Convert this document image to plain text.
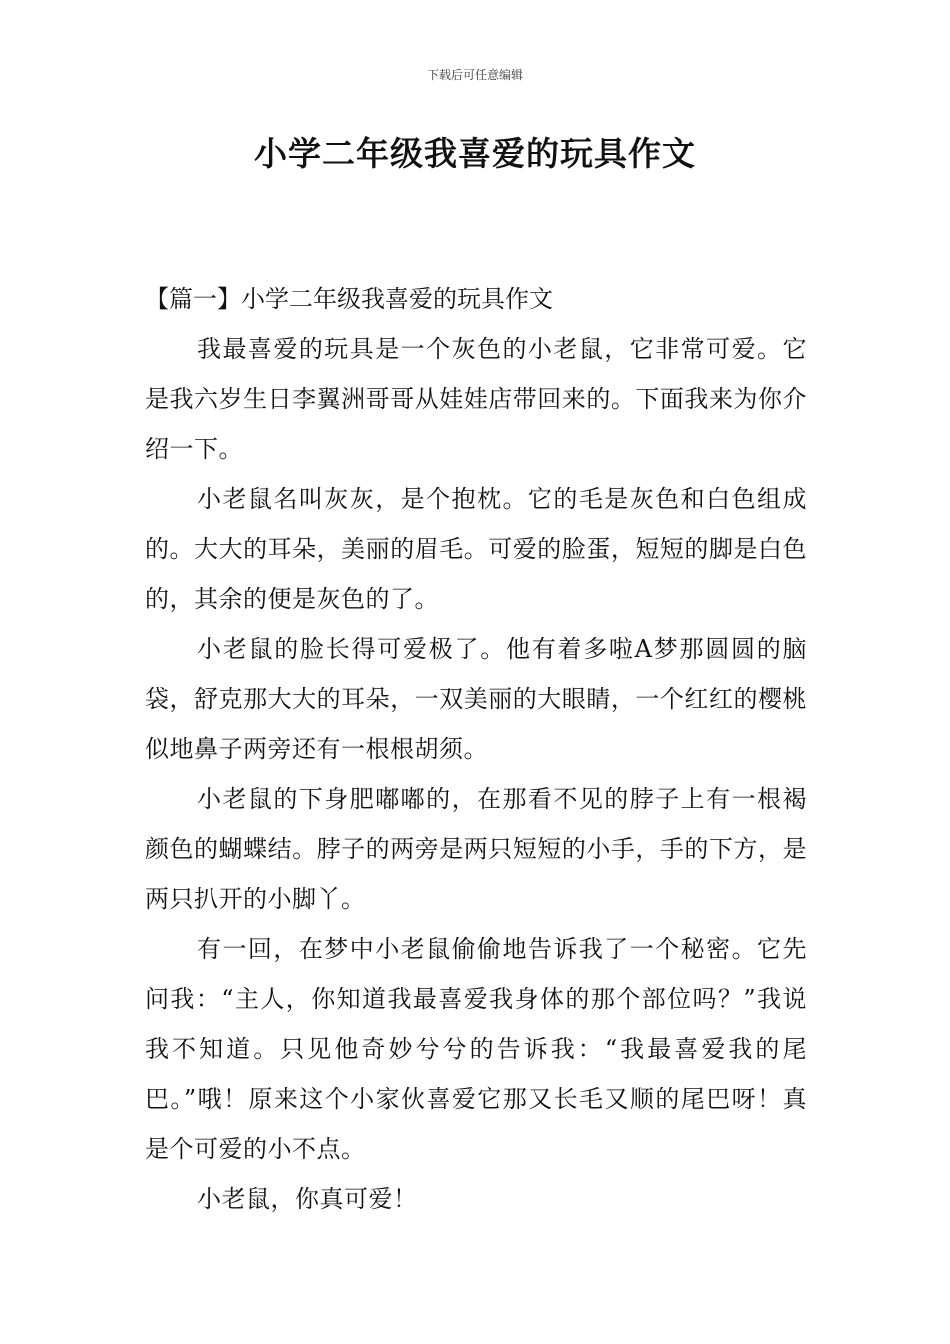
下载后可任意编辑
小学二年级我喜爱的玩具作文

【篇一】小学二年级我喜爱的玩具作文

我最喜爱的玩具是一个灰色的小老鼠，它非常可爱。它是我六岁生日李翼洲哥哥从娃娃店带回来的。下面我来为你介绍一下。

小老鼠名叫灰灰，是个抱枕。它的毛是灰色和白色组成的。大大的耳朵，美丽的眉毛。可爱的脸蛋，短短的脚是白色的，其余的便是灰色的了。

小老鼠的脸长得可爱极了。他有着多啦A梦那圆圆的脑袋，舒克那大大的耳朵，一双美丽的大眼睛，一个红红的樱桃似地鼻子两旁还有一根根胡须。

小老鼠的下身肥嘟嘟的，在那看不见的脖子上有一根褐颜色的蝴蝶结。脖子的两旁是两只短短的小手，手的下方，是两只扒开的小脚丫。

有一回，在梦中小老鼠偷偷地告诉我了一个秘密。它先问我：“主人，你知道我最喜爱我身体的那个部位吗？”我说我不知道。只见他奇妙兮兮的告诉我：“我最喜爱我的尾巴。”哦！原来这个小家伙喜爱它那又长毛又顺的尾巴呀！真是个可爱的小不点。

小老鼠，你真可爱！
